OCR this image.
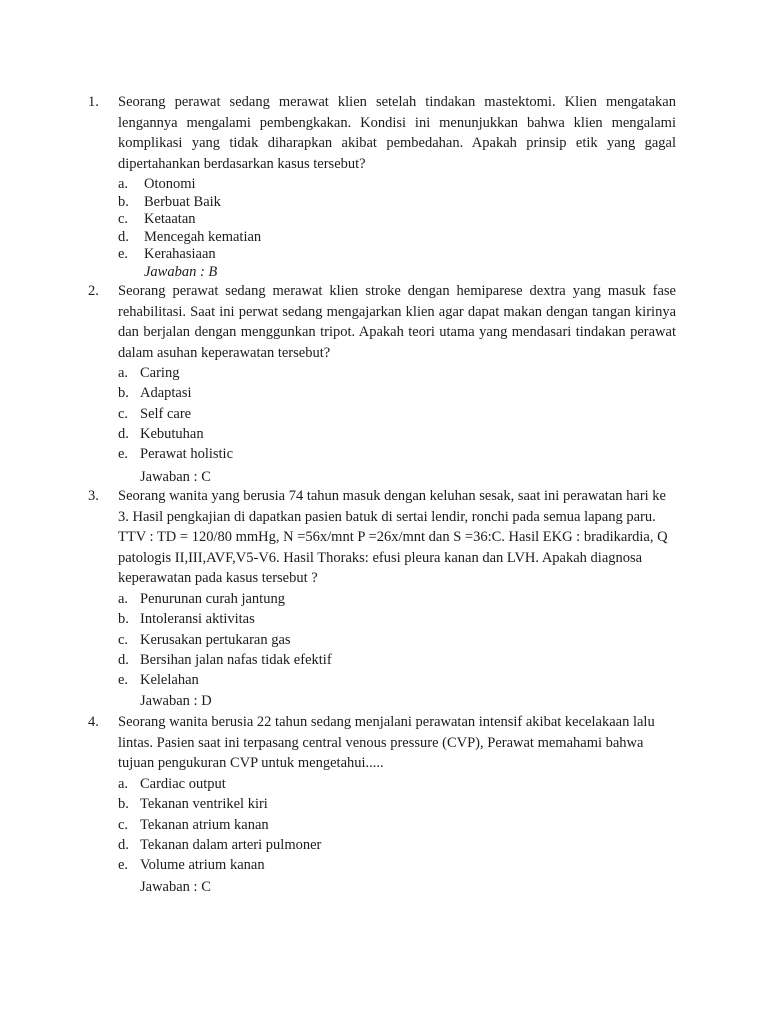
1. Seorang perawat sedang merawat klien setelah tindakan mastektomi. Klien mengatakan lengannya mengalami pembengkakan. Kondisi ini menunjukkan bahwa klien mengalami komplikasi yang tidak diharapkan akibat pembedahan. Apakah prinsip etik yang gagal dipertahankan berdasarkan kasus tersebut?

a. Otonomi
b. Berbuat Baik
c. Ketaatan
d. Mencegah kematian
e. Kerahasiaan
Jawaban : B
2. Seorang perawat sedang merawat klien stroke dengan hemiparese dextra yang masuk fase rehabilitasi. Saat ini perwat sedang mengajarkan klien agar dapat makan dengan tangan kirinya dan berjalan dengan menggunkan tripot. Apakah teori utama yang mendasari tindakan perawat dalam asuhan keperawatan tersebut?

a. Caring
b. Adaptasi
c. Self care
d. Kebutuhan
e. Perawat holistic
Jawaban : C
3. Seorang wanita yang berusia 74 tahun masuk dengan keluhan sesak, saat ini perawatan hari ke 3. Hasil pengkajian di dapatkan pasien batuk di sertai lendir, ronchi pada semua lapang paru. TTV : TD = 120/80 mmHg, N =56x/mnt P =26x/mnt dan S =36:C. Hasil EKG : bradikardia, Q patologis II,III,AVF,V5-V6. Hasil Thoraks: efusi pleura kanan dan LVH. Apakah diagnosa keperawatan pada kasus tersebut ?

a. Penurunan curah jantung
b. Intoleransi aktivitas
c. Kerusakan pertukaran gas
d. Bersihan jalan nafas tidak efektif
e. Kelelahan
Jawaban : D
4. Seorang wanita berusia 22 tahun sedang menjalani perawatan intensif akibat kecelakaan lalu lintas. Pasien saat ini terpasang central venous pressure (CVP), Perawat memahami bahwa tujuan pengukuran CVP untuk mengetahui.....

a. Cardiac output
b. Tekanan ventrikel kiri
c. Tekanan atrium kanan
d. Tekanan dalam arteri pulmoner
e. Volume atrium kanan
Jawaban : C
